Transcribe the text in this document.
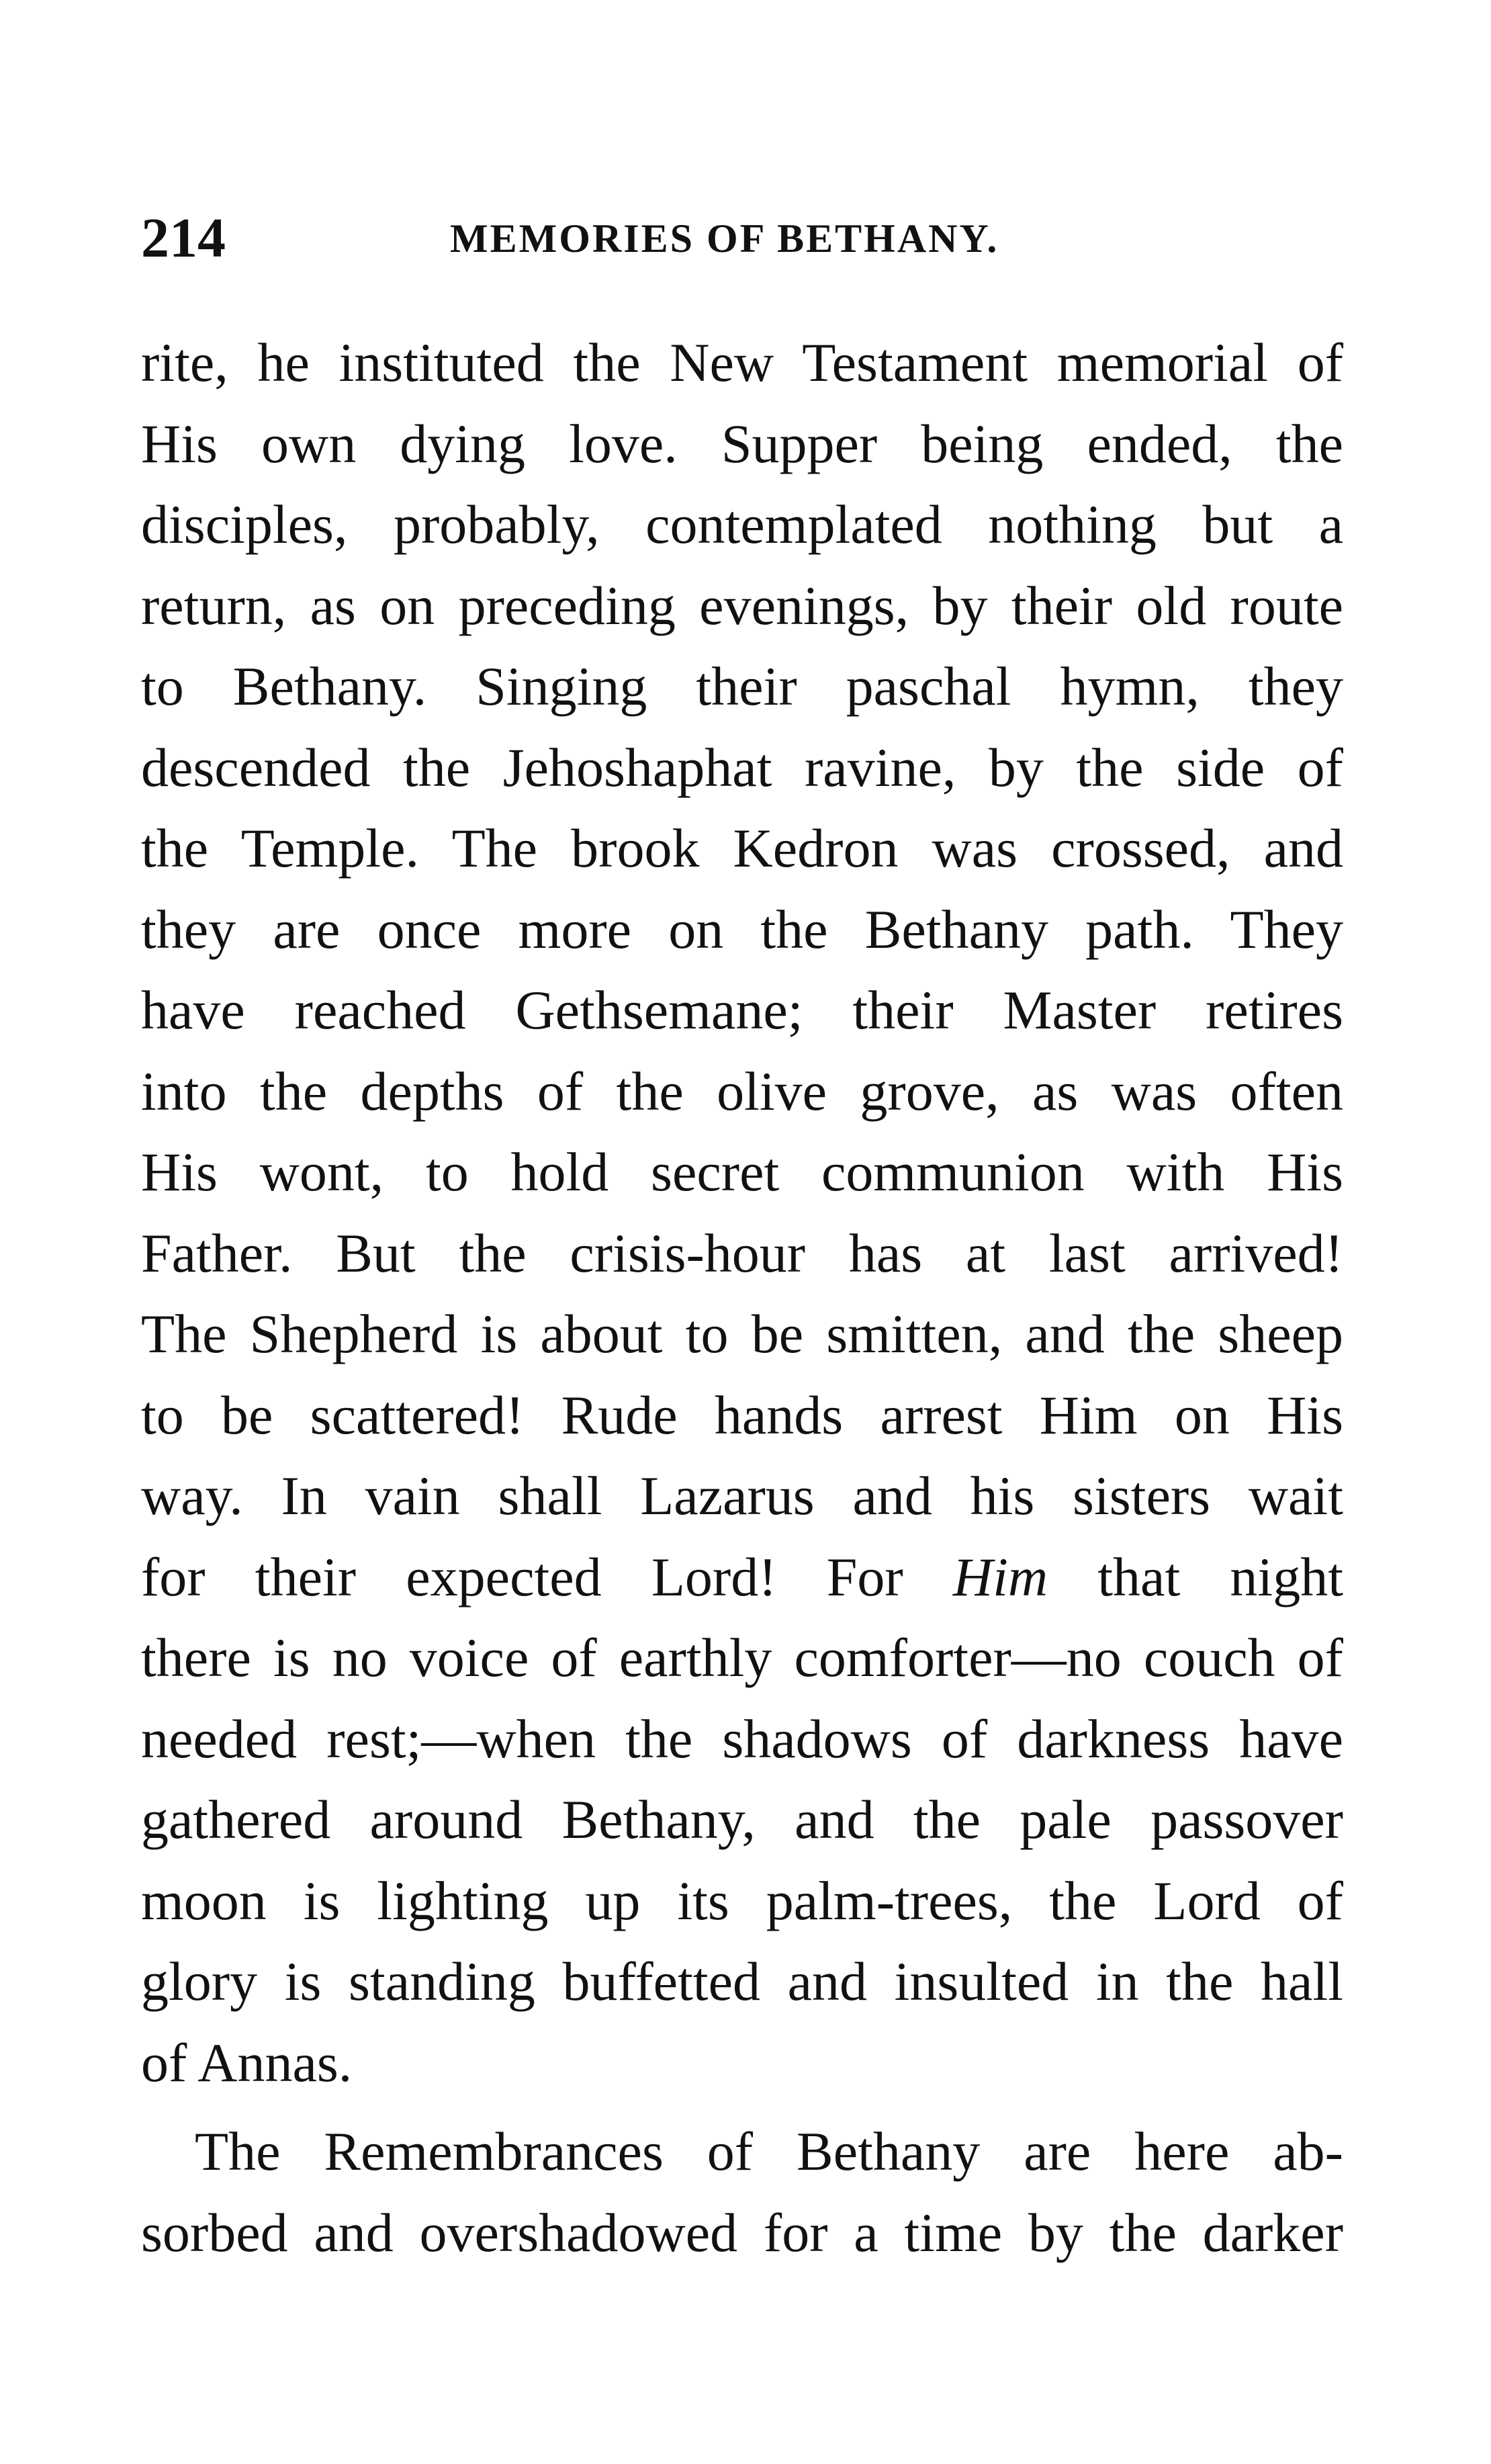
214	MEMORIES OF BETHANY.

rite, he instituted the New Testament memorial of
His own dying love. Supper being ended, the
disciples, probably, contemplated nothing but a
return, as on preceding evenings, by their old route
to Bethany. Singing their paschal hymn, they
descended the Jehoshaphat ravine, by the side of
the Temple. The brook Kedron was crossed, and
they are once more on the Bethany path. They
have reached Gethsemane; their Master retires
into the depths of the olive grove, as was often
His wont, to hold secret communion with His
Father. But the crisis-hour has at last arrived!
The Shepherd is about to be smitten, and the sheep
to be scattered! Rude hands arrest Him on His
way. In vain shall Lazarus and his sisters wait
for their expected Lord! For Him that night
there is no voice of earthly comforter—no couch of
needed rest;—when the shadows of darkness have
gathered around Bethany, and the pale passover
moon is lighting up its palm-trees, the Lord of
glory is standing buffetted and insulted in the hall
of Annas.

The Remembrances of Bethany are here ab-
sorbed and overshadowed for a time by the darker
